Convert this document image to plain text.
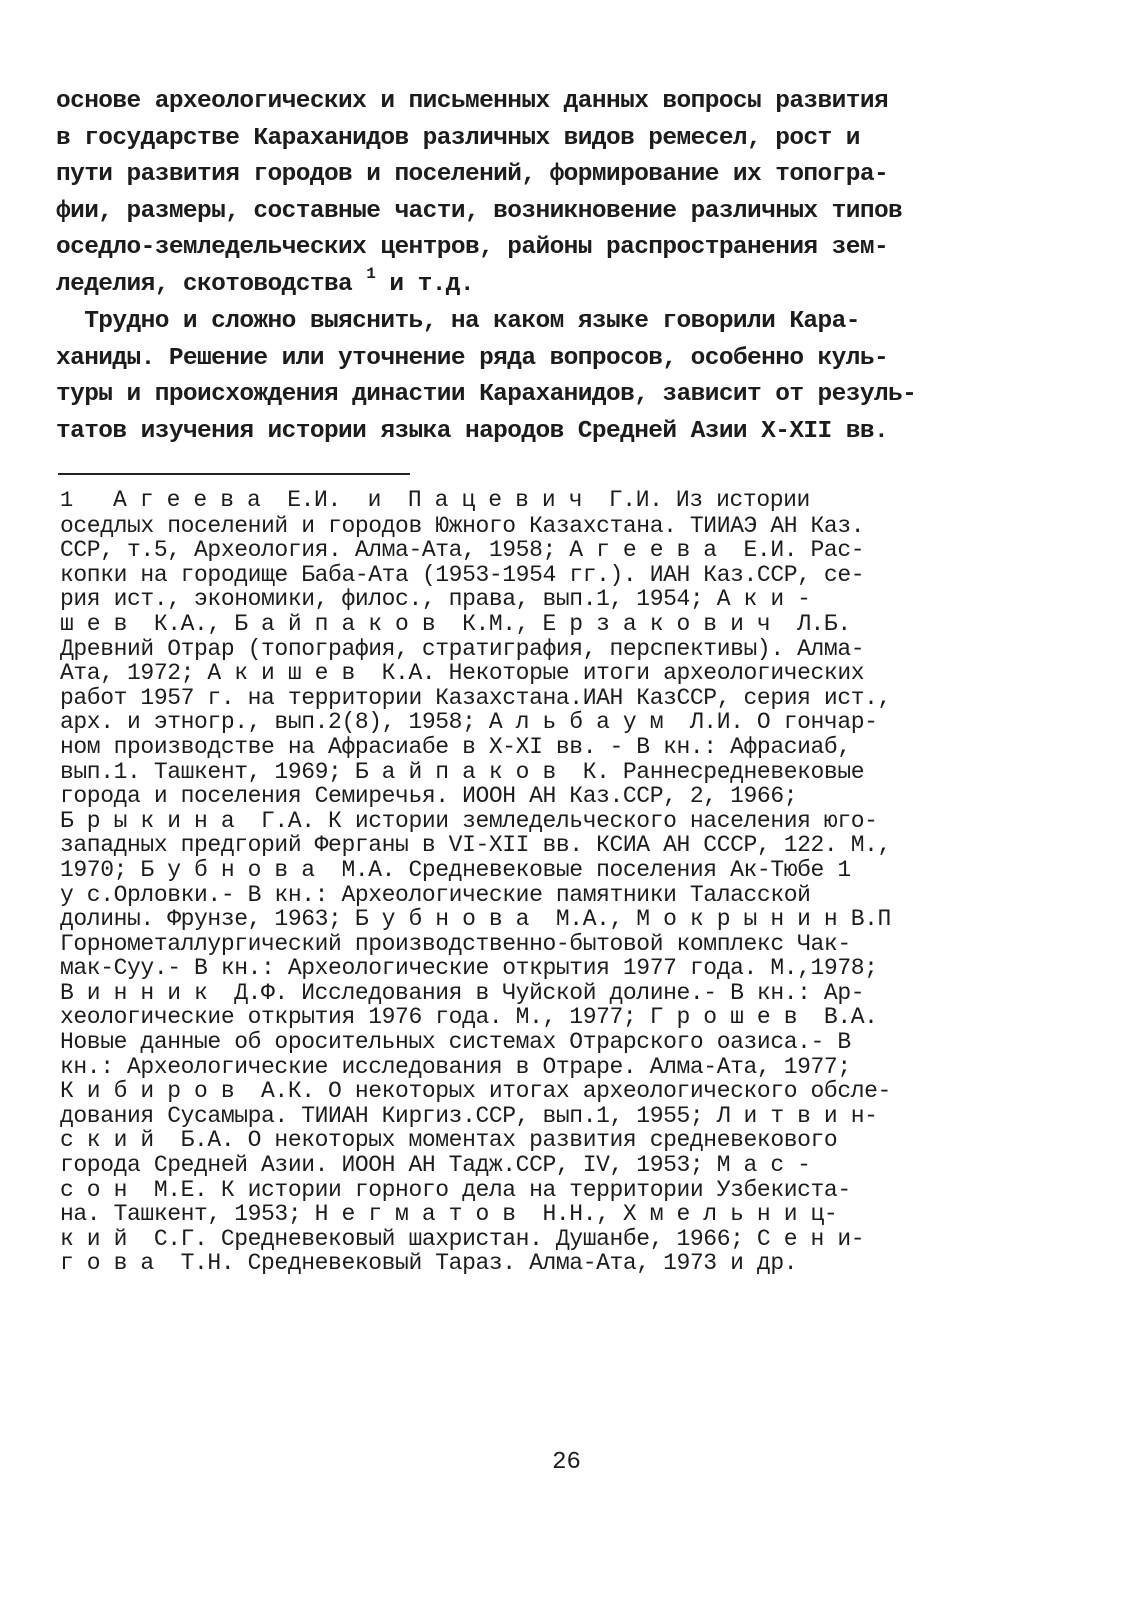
основе археологических и письменных данных вопросы развития
в государстве Караханидов различных видов ремесел, рост и
пути развития городов и поселений, формирование их топогра-
фии, размеры, составные части, возникновение различных типов
оседло-земледельческих центров, районы распространения зем-
леделия, скотоводства $^1$ и т.д.
Трудно и сложно выяснить, на каком языке говорили Кара-
ханиды. Решение или уточнение ряда вопросов, особенно куль-
туры и происхождения династии Караханидов, зависит от резуль-
татов изучения истории языка народов Средней Азии X-XII вв.
1   А г е е в а  Е.И.  и  П а ц е в и ч  Г.И. Из истории
оседлых поселений и городов Южного Казахстана. ТИИАЭ АН Каз.
ССР, т.5, Археология. Алма-Ата, 1958; А г е е в а  Е.И. Рас-
копки на городище Баба-Ата (1953-1954 гг.). ИАН Каз.ССР, се-
рия ист., экономики, филос., права, вып.1, 1954; А к и -
ш е в  К.А., Б а й п а к о в  К.М., Е р з а к о в и ч  Л.Б.
Древний Отрар (топография, стратиграфия, перспективы). Алма-
Ата, 1972; А к и ш е в  К.А. Некоторые итоги археологических
работ 1957 г. на территории Казахстана.ИАН КазССР, серия ист.,
арх. и этногр., вып.2(8), 1958; А л ь б а у м  Л.И. О гончар-
ном производстве на Афрасиабе в X-XI вв. - В кн.: Афрасиаб,
вып.1. Ташкент, 1969; Б а й п а к о в  К. Раннесредневековые
города и поселения Семиречья. ИООН АН Каз.ССР, 2, 1966;
Б р ы к и н а  Г.А. К истории земледельческого населения юго-
западных предгорий Ферганы в VI-XII вв. КСИА АН СССР, 122. М.,
1970; Б у б н о в а  М.А. Средневековые поселения Ак-Тюбе 1
у с.Орловки.- В кн.: Археологические памятники Таласской
долины. Фрунзе, 1963; Б у б н о в а  М.А., М о к р ы н и н В.П
Горнометаллургический производственно-бытовой комплекс Чак-
мак-Суу.- В кн.: Археологические открытия 1977 года. М.,1978;
В и н н и к  Д.Ф. Исследования в Чуйской долине.- В кн.: Ар-
хеологические открытия 1976 года. М., 1977; Г р о ш е в  В.А.
Новые данные об оросительных системах Отрарского оазиса.- В
кн.: Археологические исследования в Отраре. Алма-Ата, 1977;
К и б и р о в  А.К. О некоторых итогах археологического обсле-
дования Сусамыра. ТИИАН Киргиз.ССР, вып.1, 1955; Л и т в и н-
с к и й  Б.А. О некоторых моментах развития средневекового
города Средней Азии. ИООН АН Тадж.ССР, IV, 1953; М а с -
с о н  М.Е. К истории горного дела на территории Узбекиста-
на. Ташкент, 1953; Н е г м а т о в  Н.Н., Х м е л ь н и ц-
к и й  С.Г. Средневековый шахристан. Душанбе, 1966; С е н и-
г о в а  Т.Н. Средневековый Тараз. Алма-Ата, 1973 и др.
26
